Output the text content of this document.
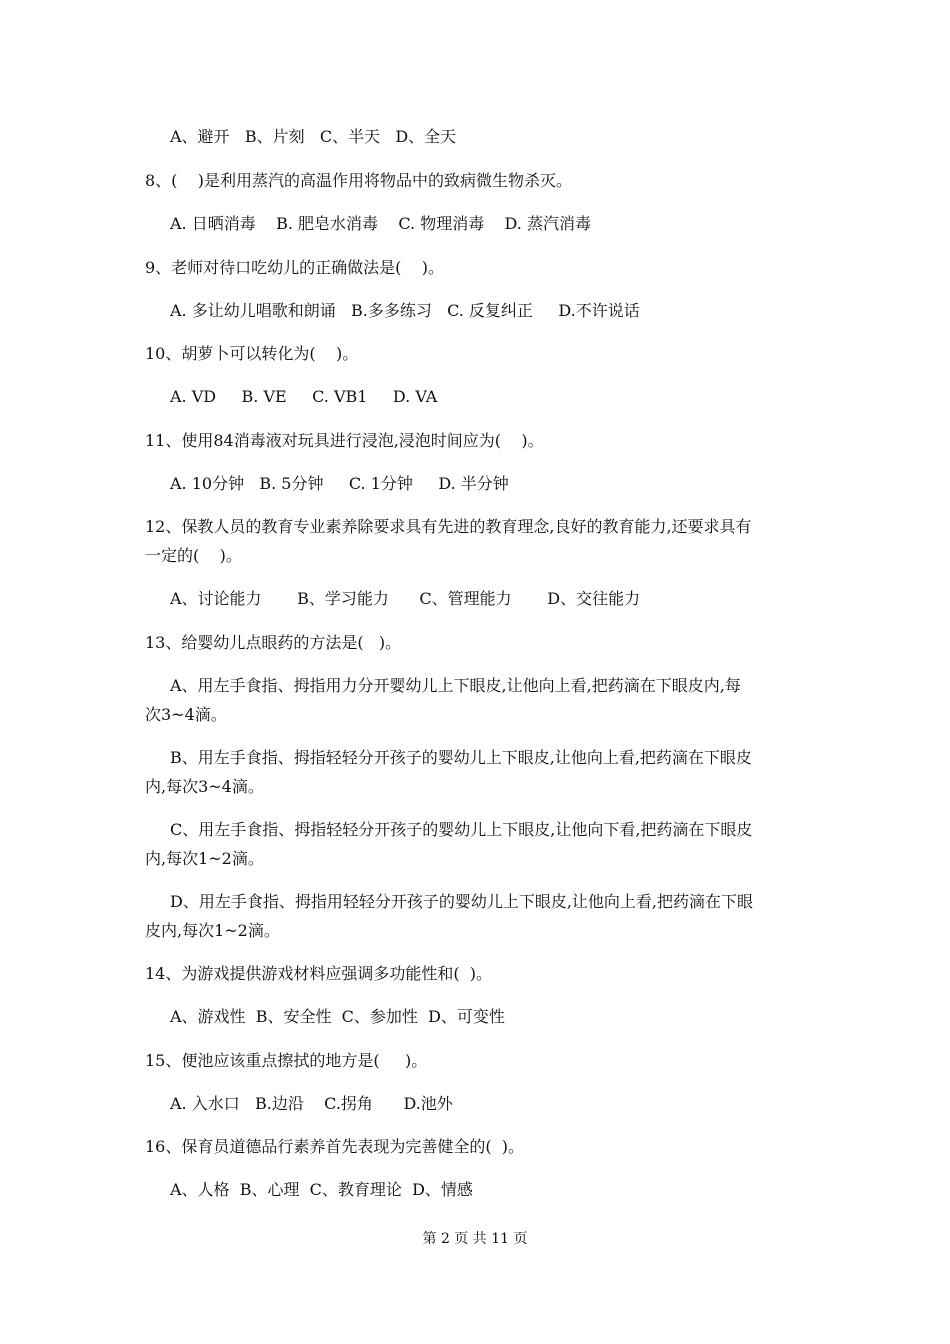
A、避开   B、片刻   C、半天   D、全天
8、(    )是利用蒸汽的高温作用将物品中的致病微生物杀灭。
A. 日晒消毒    B. 肥皂水消毒    C. 物理消毒    D. 蒸汽消毒
9、老师对待口吃幼儿的正确做法是(    )。
A. 多让幼儿唱歌和朗诵   B.多多练习   C. 反复纠正     D.不许说话
10、胡萝卜可以转化为(    )。
A. VD     B. VE     C. VB1     D. VA
11、使用84消毒液对玩具进行浸泡,浸泡时间应为(    )。
A. 10分钟   B. 5分钟     C. 1分钟     D. 半分钟
12、保教人员的教育专业素养除要求具有先进的教育理念,良好的教育能力,还要求具有
一定的(    )。
A、讨论能力       B、学习能力      C、管理能力       D、交往能力
13、给婴幼儿点眼药的方法是(   )。
A、用左手食指、拇指用力分开婴幼儿上下眼皮,让他向上看,把药滴在下眼皮内,每
次3~4滴。
B、用左手食指、拇指轻轻分开孩子的婴幼儿上下眼皮,让他向上看,把药滴在下眼皮
内,每次3~4滴。
C、用左手食指、拇指轻轻分开孩子的婴幼儿上下眼皮,让他向下看,把药滴在下眼皮
内,每次1~2滴。
D、用左手食指、拇指用轻轻分开孩子的婴幼儿上下眼皮,让他向上看,把药滴在下眼
皮内,每次1~2滴。
14、为游戏提供游戏材料应强调多功能性和(  )。
A、游戏性  B、安全性  C、参加性  D、可变性
15、便池应该重点擦拭的地方是(     )。
A. 入水口   B.边沿    C.拐角      D.池外
16、保育员道德品行素养首先表现为完善健全的(  )。
A、人格  B、心理  C、教育理论  D、情感
第 2 页 共 11 页
